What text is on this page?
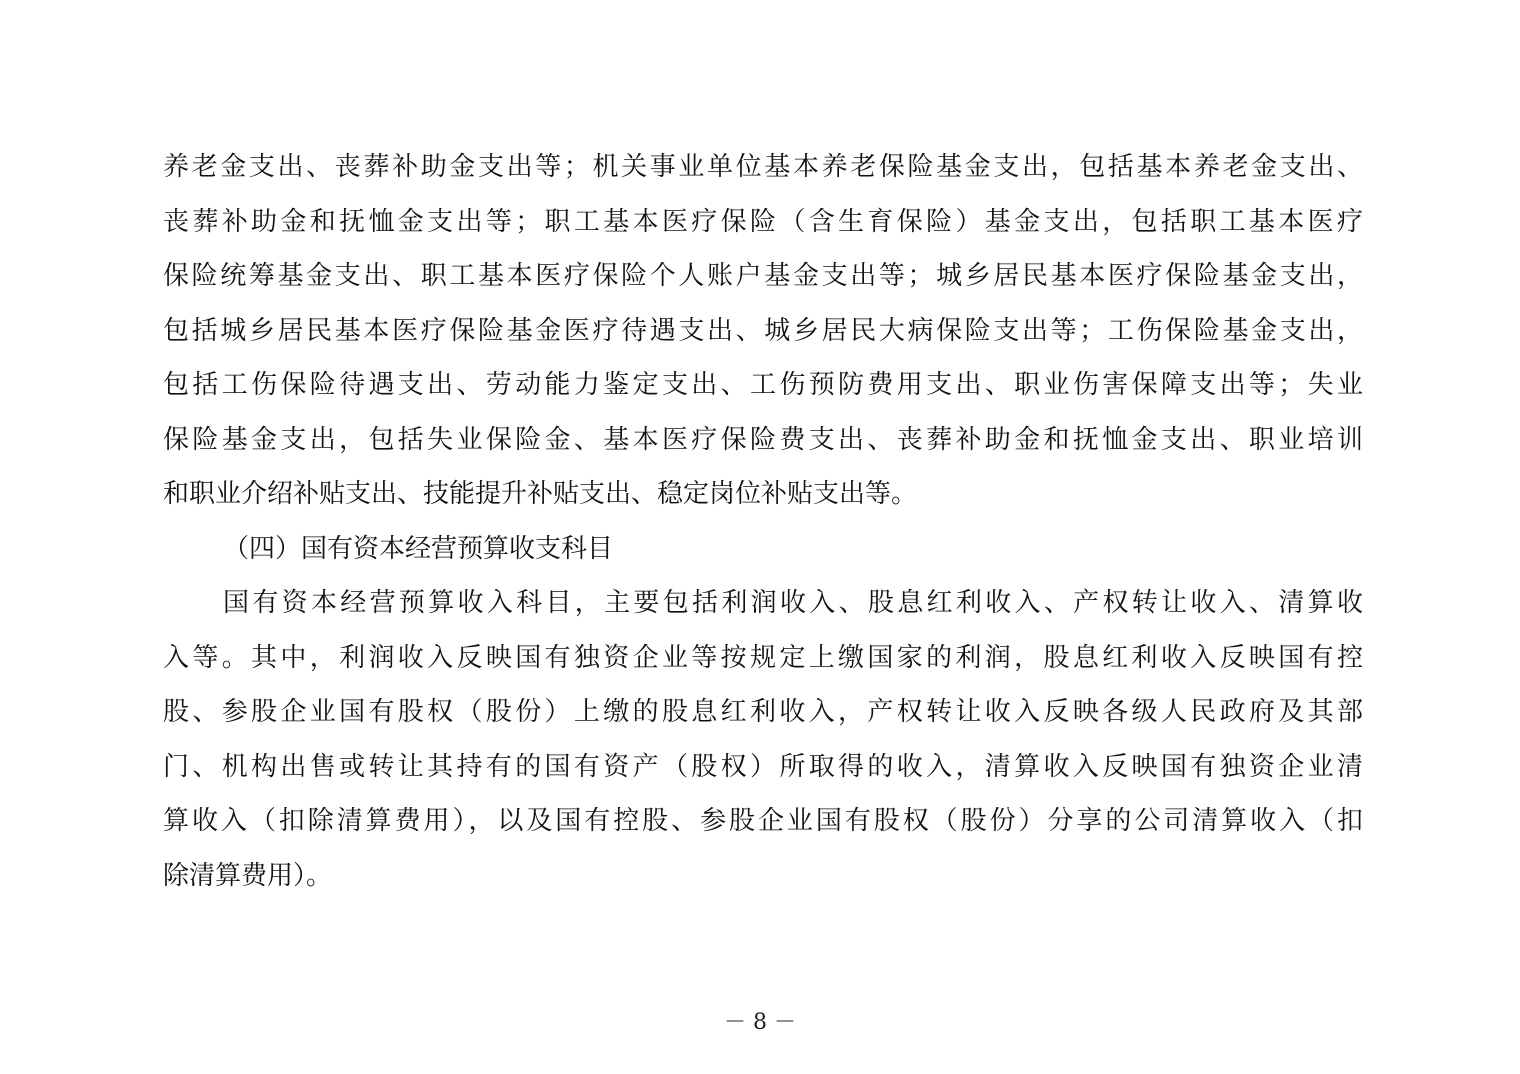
养老金支出、丧葬补助金支出等；机关事业单位基本养老保险基金支出，包括基本养老金支出、
丧葬补助金和抚恤金支出等；职工基本医疗保险（含生育保险）基金支出，包括职工基本医疗
保险统筹基金支出、职工基本医疗保险个人账户基金支出等；城乡居民基本医疗保险基金支出，
包括城乡居民基本医疗保险基金医疗待遇支出、城乡居民大病保险支出等；工伤保险基金支出，
包括工伤保险待遇支出、劳动能力鉴定支出、工伤预防费用支出、职业伤害保障支出等；失业
保险基金支出，包括失业保险金、基本医疗保险费支出、丧葬补助金和抚恤金支出、职业培训
和职业介绍补贴支出、技能提升补贴支出、稳定岗位补贴支出等。
（四）国有资本经营预算收支科目
国有资本经营预算收入科目，主要包括利润收入、股息红利收入、产权转让收入、清算收
入等。其中，利润收入反映国有独资企业等按规定上缴国家的利润，股息红利收入反映国有控
股、参股企业国有股权（股份）上缴的股息红利收入，产权转让收入反映各级人民政府及其部
门、机构出售或转让其持有的国有资产（股权）所取得的收入，清算收入反映国有独资企业清
算收入（扣除清算费用），以及国有控股、参股企业国有股权（股份）分享的公司清算收入（扣
除清算费用）。
－ 8 －
